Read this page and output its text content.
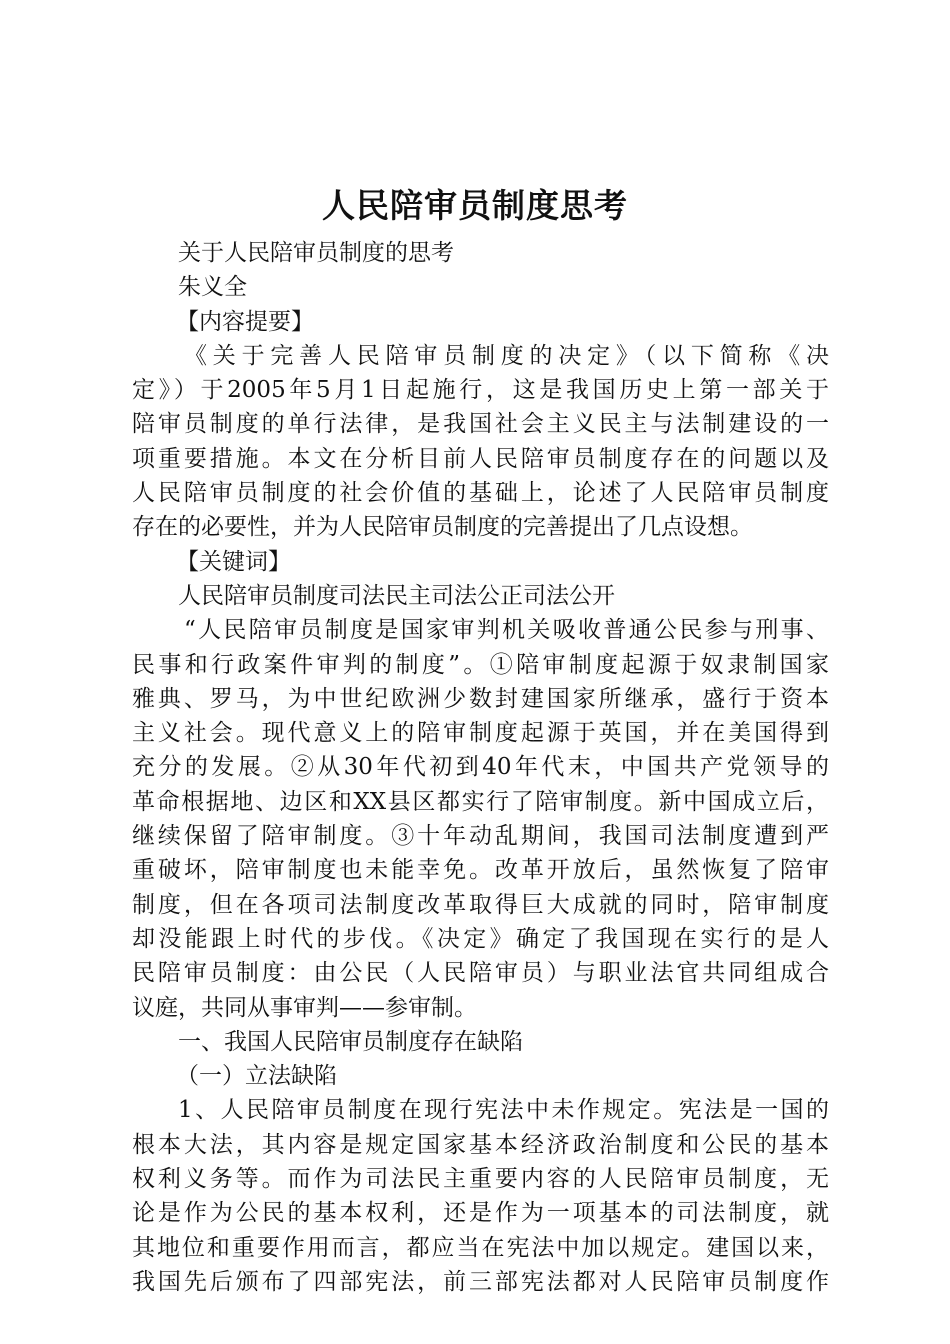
人民陪审员制度思考
关于人民陪审员制度的思考
朱义全
【内容提要】
《关于完善人民陪审员制度的决定》（以下简称《决
定》）于2005年5月1日起施行，这是我国历史上第一部关于
陪审员制度的单行法律，是我国社会主义民主与法制建设的一
项重要措施。本文在分析目前人民陪审员制度存在的问题以及
人民陪审员制度的社会价值的基础上，论述了人民陪审员制度
存在的必要性，并为人民陪审员制度的完善提出了几点设想。
【关键词】
人民陪审员制度司法民主司法公正司法公开
“人民陪审员制度是国家审判机关吸收普通公民参与刑事、
民事和行政案件审判的制度”。①陪审制度起源于奴隶制国家
雅典、罗马，为中世纪欧洲少数封建国家所继承，盛行于资本
主义社会。现代意义上的陪审制度起源于英国，并在美国得到
充分的发展。②从30年代初到40年代末，中国共产党领导的
革命根据地、边区和XX县区都实行了陪审制度。新中国成立后，
继续保留了陪审制度。③十年动乱期间，我国司法制度遭到严
重破坏，陪审制度也未能幸免。改革开放后，虽然恢复了陪审
制度，但在各项司法制度改革取得巨大成就的同时，陪审制度
却没能跟上时代的步伐。《决定》确定了我国现在实行的是人
民陪审员制度：由公民（人民陪审员）与职业法官共同组成合
议庭，共同从事审判——参审制。
一、我国人民陪审员制度存在缺陷
（一）立法缺陷
1、人民陪审员制度在现行宪法中未作规定。宪法是一国的
根本大法，其内容是规定国家基本经济政治制度和公民的基本
权利义务等。而作为司法民主重要内容的人民陪审员制度，无
论是作为公民的基本权利，还是作为一项基本的司法制度，就
其地位和重要作用而言，都应当在宪法中加以规定。建国以来，
我国先后颁布了四部宪法，前三部宪法都对人民陪审员制度作
